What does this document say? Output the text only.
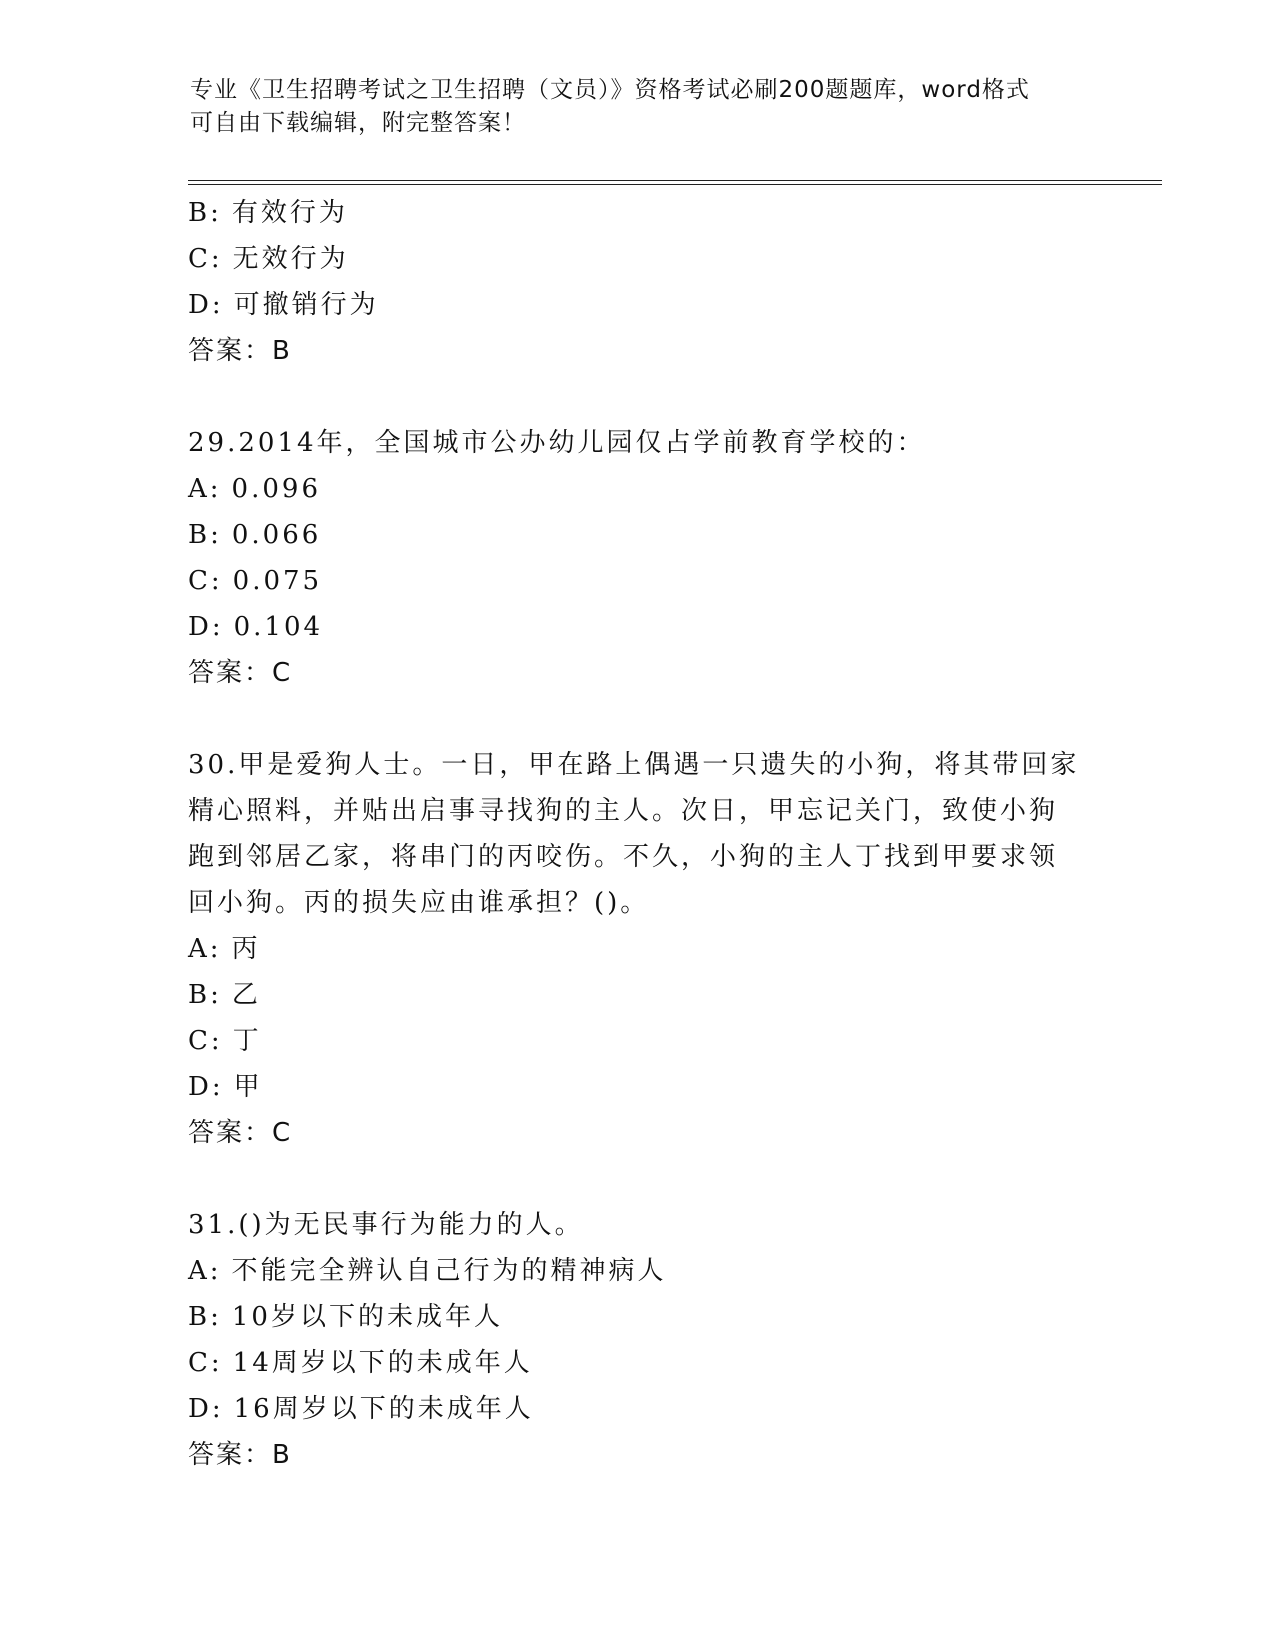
专业《卫生招聘考试之卫生招聘（文员）》资格考试必刷200题题库，word格式
可自由下载编辑，附完整答案！
B: 有效行为
C: 无效行为
D: 可撤销行为
答案：B
29.2014年，全国城市公办幼儿园仅占学前教育学校的：
A: 0.096
B: 0.066
C: 0.075
D: 0.104
答案：C
30.甲是爱狗人士。一日，甲在路上偶遇一只遗失的小狗，将其带回家
精心照料，并贴出启事寻找狗的主人。次日，甲忘记关门，致使小狗
跑到邻居乙家，将串门的丙咬伤。不久，小狗的主人丁找到甲要求领
回小狗。丙的损失应由谁承担？()。
A: 丙
B: 乙
C: 丁
D: 甲
答案：C
31.()为无民事行为能力的人。
A: 不能完全辨认自己行为的精神病人
B: 10岁以下的未成年人
C: 14周岁以下的未成年人
D: 16周岁以下的未成年人
答案：B
